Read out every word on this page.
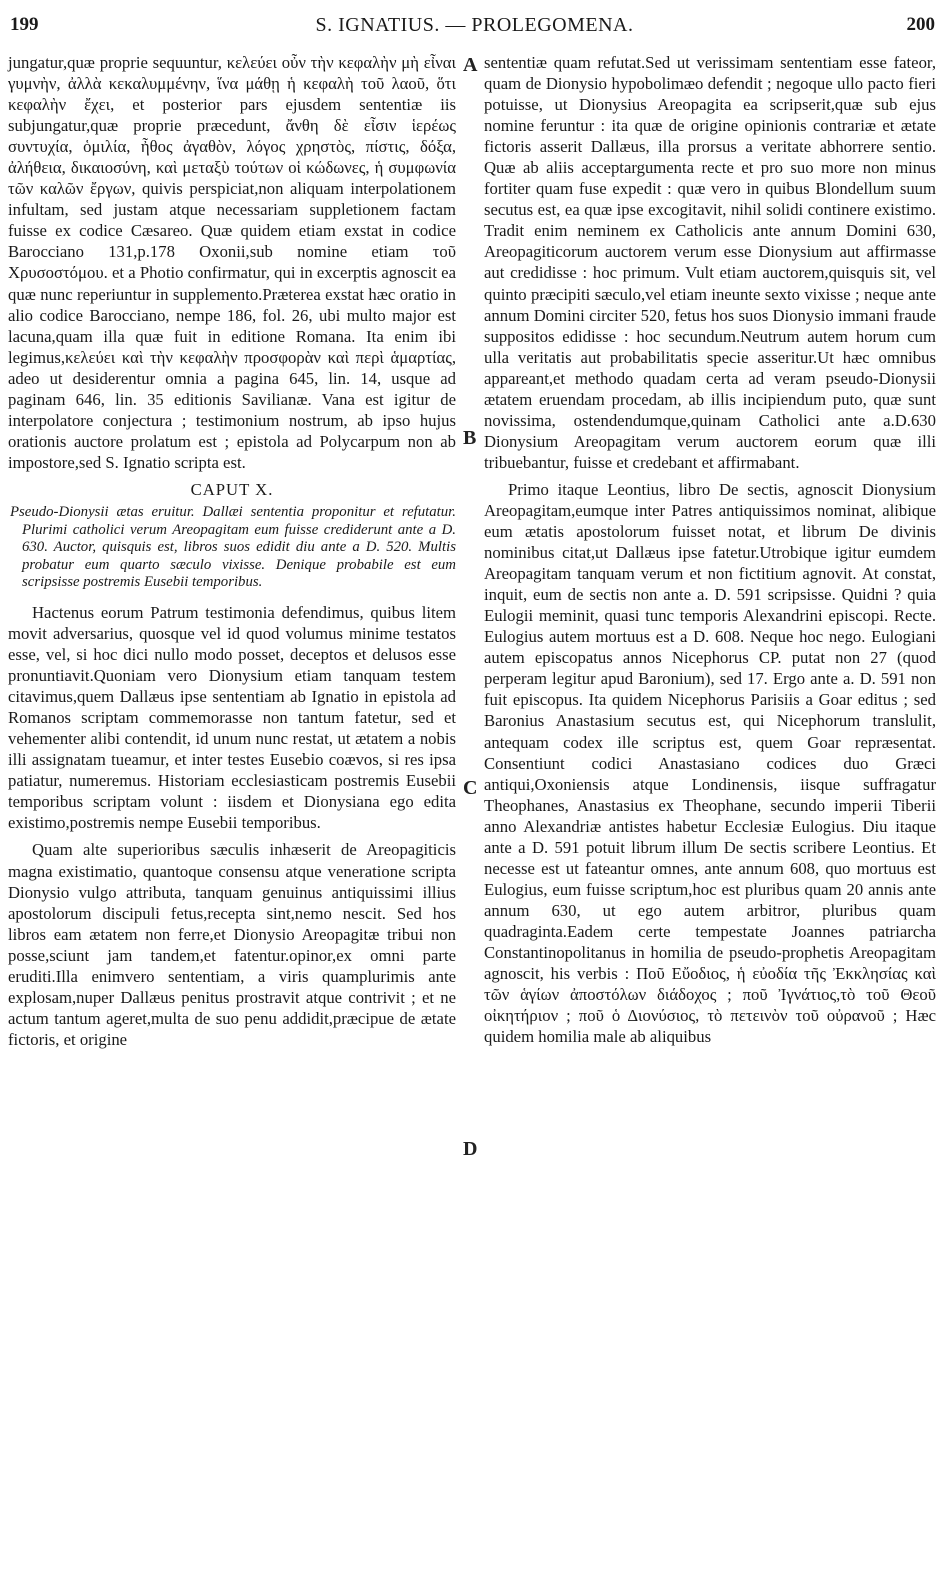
199	S. IGNATIUS. — PROLEGOMENA.	200

jungatur,quæ proprie sequuntur, κελεύει οὖν τὴν κεφαλὴν μὴ εἶναι γυμνὴν, ἀλλὰ κεκαλυμμένην, ἵνα μάθῃ ἡ κεφαλὴ τοῦ λαοῦ, ὅτι κεφαλὴν ἔχει, et posterior pars ejusdem sententiæ iis subjungatur,quæ proprie præcedunt, ἄνθη δὲ εἶσιν ἱερέως συντυχία, ὁμιλία, ἦθος ἀγαθὸν, λόγος χρηστὸς, πίστις, δόξα, ἀλήθεια, δικαιοσύνη, καὶ μεταξὺ τούτων οἱ κώδωνες, ἡ συμφωνία τῶν καλῶν ἔργων, quivis perspiciat,non aliquam interpolationem infultam, sed justam atque necessariam suppletionem factam fuisse ex codice Cæsareo. Quæ quidem etiam exstat in codice Barocciano 131,p.178 Oxonii,sub nomine etiam τοῦ Χρυσοστόμου. et a Photio confirmatur, qui in excerptis agnoscit ea quæ nunc reperiuntur in supplemento.Præterea exstat hæc oratio in alio codice Barocciano, nempe 186, fol. 26, ubi multo major est lacuna,quam illa quæ fuit in editione Romana. Ita enim ibi legimus,κελεύει καὶ τὴν κεφαλὴν προσφορὰν καὶ περὶ ἁμαρτίας, adeo ut desiderentur omnia a pagina 645, lin. 14, usque ad paginam 646, lin. 35 editionis Savilianæ. Vana est igitur de interpolatore conjectura ; testimonium nostrum, ab ipso hujus orationis auctore prolatum est ; epistola ad Polycarpum non ab impostore,sed S. Ignatio scripta est.

CAPUT X.

Pseudo-Dionysii ætas eruitur. Dallæi sententia proponitur et refutatur. Plurimi catholici verum Areopagitam eum fuisse crediderunt ante a D. 630. Auctor, quisquis est, libros suos edidit diu ante a D. 520. Multis probatur eum quarto sæculo vixisse. Denique probabile est eum scripsisse postremis Eusebii temporibus.

Hactenus eorum Patrum testimonia defendimus, quibus litem movit adversarius, quosque vel id quod volumus minime testatos esse, vel, si hoc dici nullo modo posset, deceptos et delusos esse pronuntiavit.Quoniam vero Dionysium etiam tanquam testem citavimus,quem Dallæus ipse sententiam ab Ignatio in epistola ad Romanos scriptam commemorasse non tantum fatetur, sed et vehementer alibi contendit, id unum nunc restat, ut ætatem a nobis illi assignatam tueamur, et inter testes Eusebio coævos, si res ipsa patiatur, numeremus. Historiam ecclesiasticam postremis Eusebii temporibus scriptam volunt : iisdem et Dionysiana ego edita existimo,postremis nempe Eusebii temporibus.

Quam alte superioribus sæculis inhæserit de Areopagiticis magna existimatio, quantoque consensu atque veneratione scripta Dionysio vulgo attributa, tanquam genuinus antiquissimi illius apostolorum discipuli fetus,recepta sint,nemo nescit. Sed hos libros eam ætatem non ferre,et Dionysio Areopagitæ tribui non posse,sciunt jam tandem,et fatentur.opinor,ex omni parte eruditi.Illa enimvero sententiam, a viris quamplurimis ante explosam,nuper Dallæus penitus prostravit atque contrivit ; et ne actum tantum ageret,multa de suo penu addidit,præcipue de ætate fictoris, et origine

A
B
C
D

sententiæ quam refutat.Sed ut verissimam sententiam esse fateor, quam de Dionysio hypobolimæo defendit ; negoque ullo pacto fieri potuisse, ut Dionysius Areopagita ea scripserit,quæ sub ejus nomine feruntur : ita quæ de origine opinionis contrariæ et ætate fictoris asserit Dallæus, illa prorsus a veritate abhorrere sentio. Quæ ab aliis acceptargumenta recte et pro suo more non minus fortiter quam fuse expedit : quæ vero in quibus Blondellum suum secutus est, ea quæ ipse excogitavit, nihil solidi continere existimo. Tradit enim neminem ex Catholicis ante annum Domini 630, Areopagiticorum auctorem verum esse Dionysium aut affirmasse aut credidisse : hoc primum. Vult etiam auctorem,quisquis sit, vel quinto præcipiti sæculo,vel etiam ineunte sexto vixisse ; neque ante annum Domini circiter 520, fetus hos suos Dionysio immani fraude suppositos edidisse : hoc secundum.Neutrum autem horum cum ulla veritatis aut probabilitatis specie asseritur.Ut hæc omnibus appareant,et methodo quadam certa ad veram pseudo-Dionysii ætatem eruendam procedam, ab illis incipiendum puto, quæ sunt novissima, ostendendumque,quinam Catholici ante a.D.630 Dionysium Areopagitam verum auctorem eorum quæ illi tribuebantur, fuisse et credebant et affirmabant.

Primo itaque Leontius, libro De sectis, agnoscit Dionysium Areopagitam,eumque inter Patres antiquissimos nominat, alibique eum ætatis apostolorum fuisset notat, et librum De divinis nominibus citat,ut Dallæus ipse fatetur.Utrobique igitur eumdem Areopagitam tanquam verum et non fictitium agnovit. At constat, inquit, eum de sectis non ante a. D. 591 scripsisse. Quidni ? quia Eulogii meminit, quasi tunc temporis Alexandrini episcopi. Recte. Eulogius autem mortuus est a D. 608. Neque hoc nego. Eulogiani autem episcopatus annos Nicephorus CP. putat non 27 (quod perperam legitur apud Baronium), sed 17. Ergo ante a. D. 591 non fuit episcopus. Ita quidem Nicephorus Parisiis a Goar editus ; sed Baronius Anastasium secutus est, qui Nicephorum translulit, antequam codex ille scriptus est, quem Goar repræsentat. Consentiunt codici Anastasiano codices duo Græci antiqui,Oxoniensis atque Londinensis, iisque suffragatur Theophanes, Anastasius ex Theophane, secundo imperii Tiberii anno Alexandriæ antistes habetur Ecclesiæ Eulogius. Diu itaque ante a D. 591 potuit librum illum De sectis scribere Leontius. Et necesse est ut fateantur omnes, ante annum 608, quo mortuus est Eulogius, eum fuisse scriptum,hoc est pluribus quam 20 annis ante annum 630, ut ego autem arbitror, pluribus quam quadraginta.Eadem certe tempestate Joannes patriarcha Constantinopolitanus in homilia de pseudo-prophetis Areopagitam agnoscit, his verbis : Ποῦ Εὔοδιος, ἡ εὐοδία τῆς Ἐκκλησίας καὶ τῶν ἁγίων ἀποστόλων διάδοχος ; ποῦ Ἰγνάτιος,τὸ τοῦ Θεοῦ οἰκητήριον ; ποῦ ὁ Διονύσιος, τὸ πετεινὸν τοῦ οὐρανοῦ ; Hæc quidem homilia male ab aliquibus
